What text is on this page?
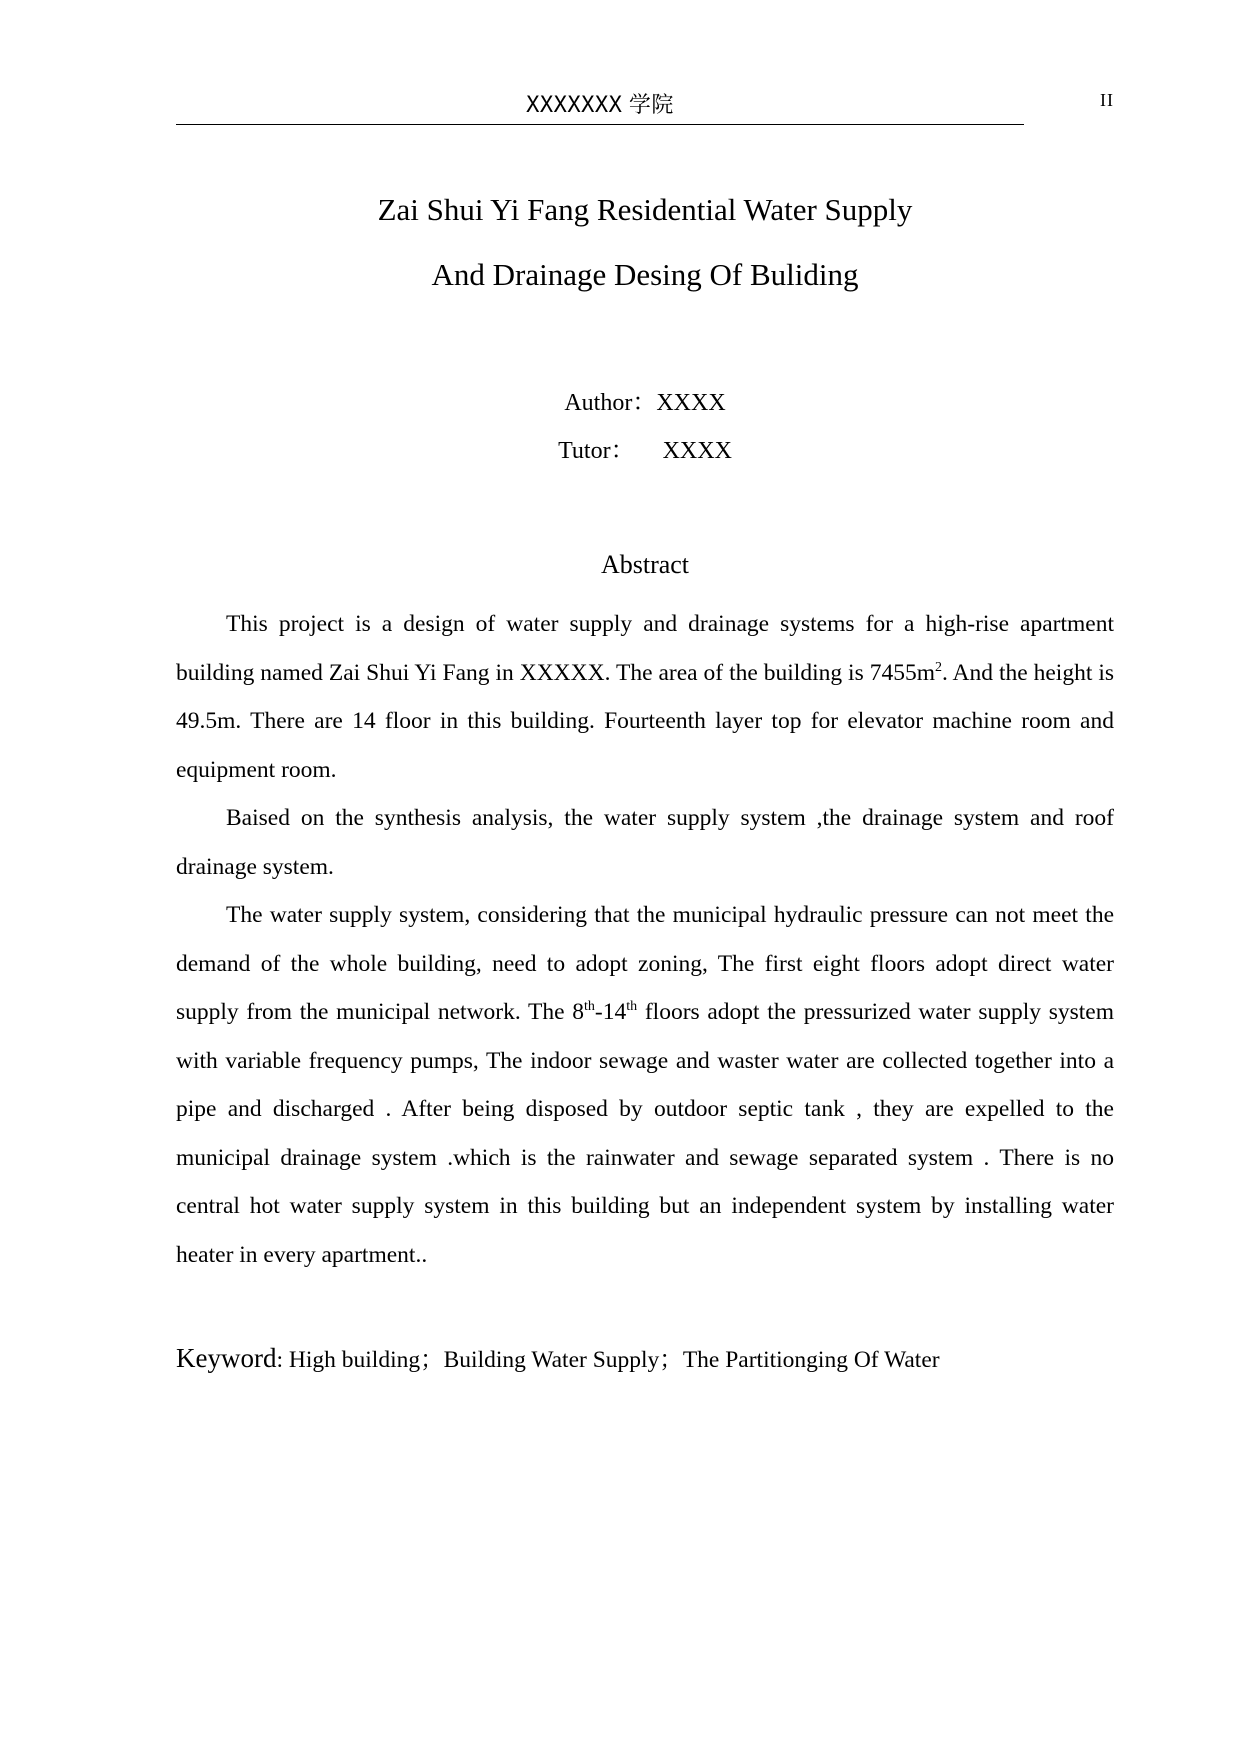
XXXXXXX 学院	II
Zai Shui Yi Fang Residential Water Supply
And Drainage Desing Of Buliding
Author：XXXX
Tutor： XXXX
Abstract

This project is a design of water supply and drainage systems for a high-rise apartment building named Zai Shui Yi Fang in XXXXX. The area of the building is $7455m^2$. And the height is 49.5m. There are 14 floor in this building. Fourteenth layer top for elevator machine room and equipment room.

Baised on the synthesis analysis, the water supply system ,the drainage system and roof drainage system.

The water supply system, considering that the municipal hydraulic pressure can not meet the demand of the whole building, need to adopt zoning, The first eight floors adopt direct water supply from the municipal network. The 8th-14th floors adopt the pressurized water supply system with variable frequency pumps, The indoor sewage and waster water are collected together into a pipe and discharged . After being disposed by outdoor septic tank , they are expelled to the municipal drainage system .which is the rainwater and sewage separated system . There is no central hot water supply system in this building but an independent system by installing water heater in every apartment..

Keyword: High building；Building Water Supply；The Partitionging Of Water
